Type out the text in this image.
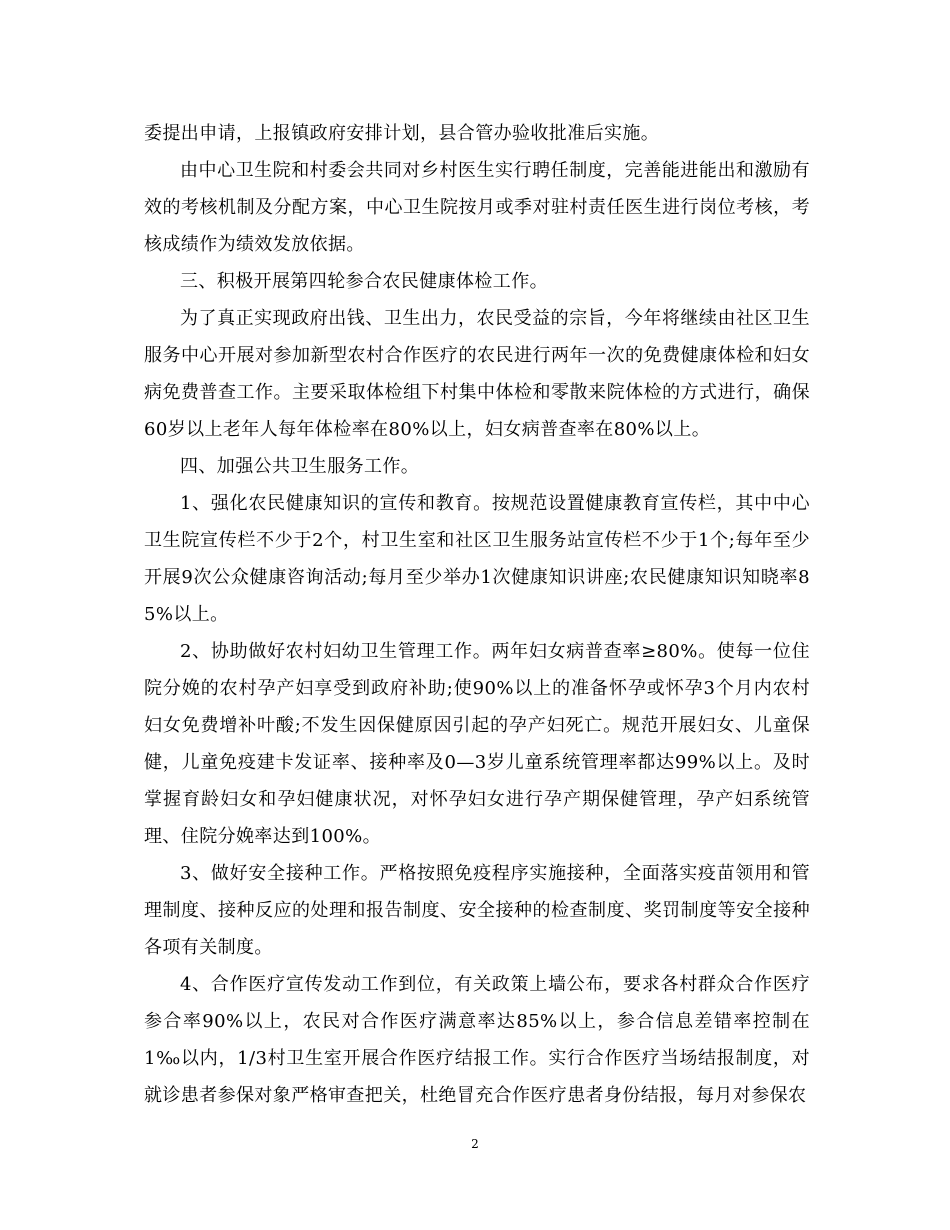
委提出申请，上报镇政府安排计划，县合管办验收批准后实施。

由中心卫生院和村委会共同对乡村医生实行聘任制度，完善能进能出和激励有效的考核机制及分配方案，中心卫生院按月或季对驻村责任医生进行岗位考核，考核成绩作为绩效发放依据。

三、积极开展第四轮参合农民健康体检工作。

为了真正实现政府出钱、卫生出力，农民受益的宗旨，今年将继续由社区卫生服务中心开展对参加新型农村合作医疗的农民进行两年一次的免费健康体检和妇女病免费普查工作。主要采取体检组下村集中体检和零散来院体检的方式进行，确保60岁以上老年人每年体检率在80%以上，妇女病普查率在80%以上。

四、加强公共卫生服务工作。

1、强化农民健康知识的宣传和教育。按规范设置健康教育宣传栏，其中中心卫生院宣传栏不少于2个，村卫生室和社区卫生服务站宣传栏不少于1个;每年至少开展9次公众健康咨询活动;每月至少举办1次健康知识讲座;农民健康知识知晓率85%以上。

2、协助做好农村妇幼卫生管理工作。两年妇女病普查率≥80%。使每一位住院分娩的农村孕产妇享受到政府补助;使90%以上的准备怀孕或怀孕3个月内农村妇女免费增补叶酸;不发生因保健原因引起的孕产妇死亡。规范开展妇女、儿童保健，儿童免疫建卡发证率、接种率及0—3岁儿童系统管理率都达99%以上。及时掌握育龄妇女和孕妇健康状况，对怀孕妇女进行孕产期保健管理，孕产妇系统管理、住院分娩率达到100%。

3、做好安全接种工作。严格按照免疫程序实施接种，全面落实疫苗领用和管理制度、接种反应的处理和报告制度、安全接种的检查制度、奖罚制度等安全接种各项有关制度。

4、合作医疗宣传发动工作到位，有关政策上墙公布，要求各村群众合作医疗参合率90%以上，农民对合作医疗满意率达85%以上，参合信息差错率控制在1‰以内，1/3村卫生室开展合作医疗结报工作。实行合作医疗当场结报制度，对就诊患者参保对象严格审查把关，杜绝冒充合作医疗患者身份结报，每月对参保农

2
